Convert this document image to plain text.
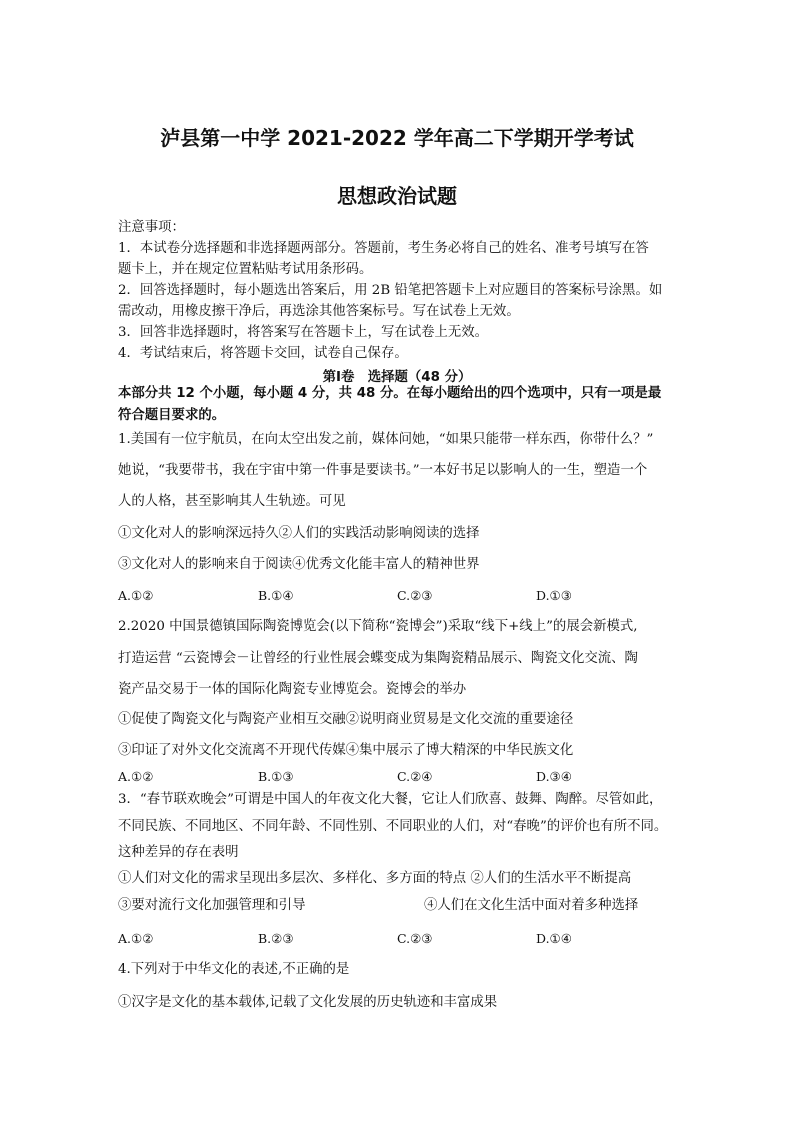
泸县第一中学 2021-2022 学年高二下学期开学考试
思想政治试题
注意事项：
1．本试卷分选择题和非选择题两部分。答题前，考生务必将自己的姓名、准考号填写在答
题卡上，并在规定位置粘贴考试用条形码。
2．回答选择题时，每小题选出答案后，用 2B 铅笔把答题卡上对应题目的答案标号涂黑。如
需改动，用橡皮擦干净后，再选涂其他答案标号。写在试卷上无效。
3．回答非选择题时，将答案写在答题卡上，写在试卷上无效。
4．考试结束后，将答题卡交回，试卷自己保存。
第Ⅰ卷　选择题（48 分）
本部分共 12 个小题，每小题 4 分，共 48 分。在每小题给出的四个选项中，只有一项是最
符合题目要求的。
1.美国有一位宇航员，在向太空出发之前，媒体问她，“如果只能带一样东西，你带什么？”
她说，“我要带书，我在宇宙中第一件事是要读书。”一本好书足以影响人的一生，塑造一个
人的人格，甚至影响其人生轨迹。可见
①文化对人的影响深远持久②人们的实践活动影响阅读的选择
③文化对人的影响来自于阅读④优秀文化能丰富人的精神世界
A.①②	B.①④	C.②③	D.①③
2.2020 中国景德镇国际陶瓷博览会(以下简称“瓷博会”)采取“线下+线上”的展会新模式,
打造运营 “云瓷博会－让曾经的行业性展会蝶变成为集陶瓷精品展示、陶瓷文化交流、陶
瓷产品交易于一体的国际化陶瓷专业博览会。瓷博会的举办
①促使了陶瓷文化与陶瓷产业相互交融②说明商业贸易是文化交流的重要途径
③印证了对外文化交流离不开现代传媒④集中展示了博大精深的中华民族文化
A.①②	B.①③	C.②④	D.③④
3．“春节联欢晚会”可谓是中国人的年夜文化大餐，它让人们欣喜、鼓舞、陶醉。尽管如此，
不同民族、不同地区、不同年龄、不同性别、不同职业的人们，对“春晚”的评价也有所不同。
这种差异的存在表明
①人们对文化的需求呈现出多层次、多样化、多方面的特点 ②人们的生活水平不断提高
③要对流行文化加强管理和引导	④人们在文化生活中面对着多种选择
A.①②	B.②③	C.②③	D.①④
4.下列对于中华文化的表述,不正确的是
①汉字是文化的基本载体,记载了文化发展的历史轨迹和丰富成果
